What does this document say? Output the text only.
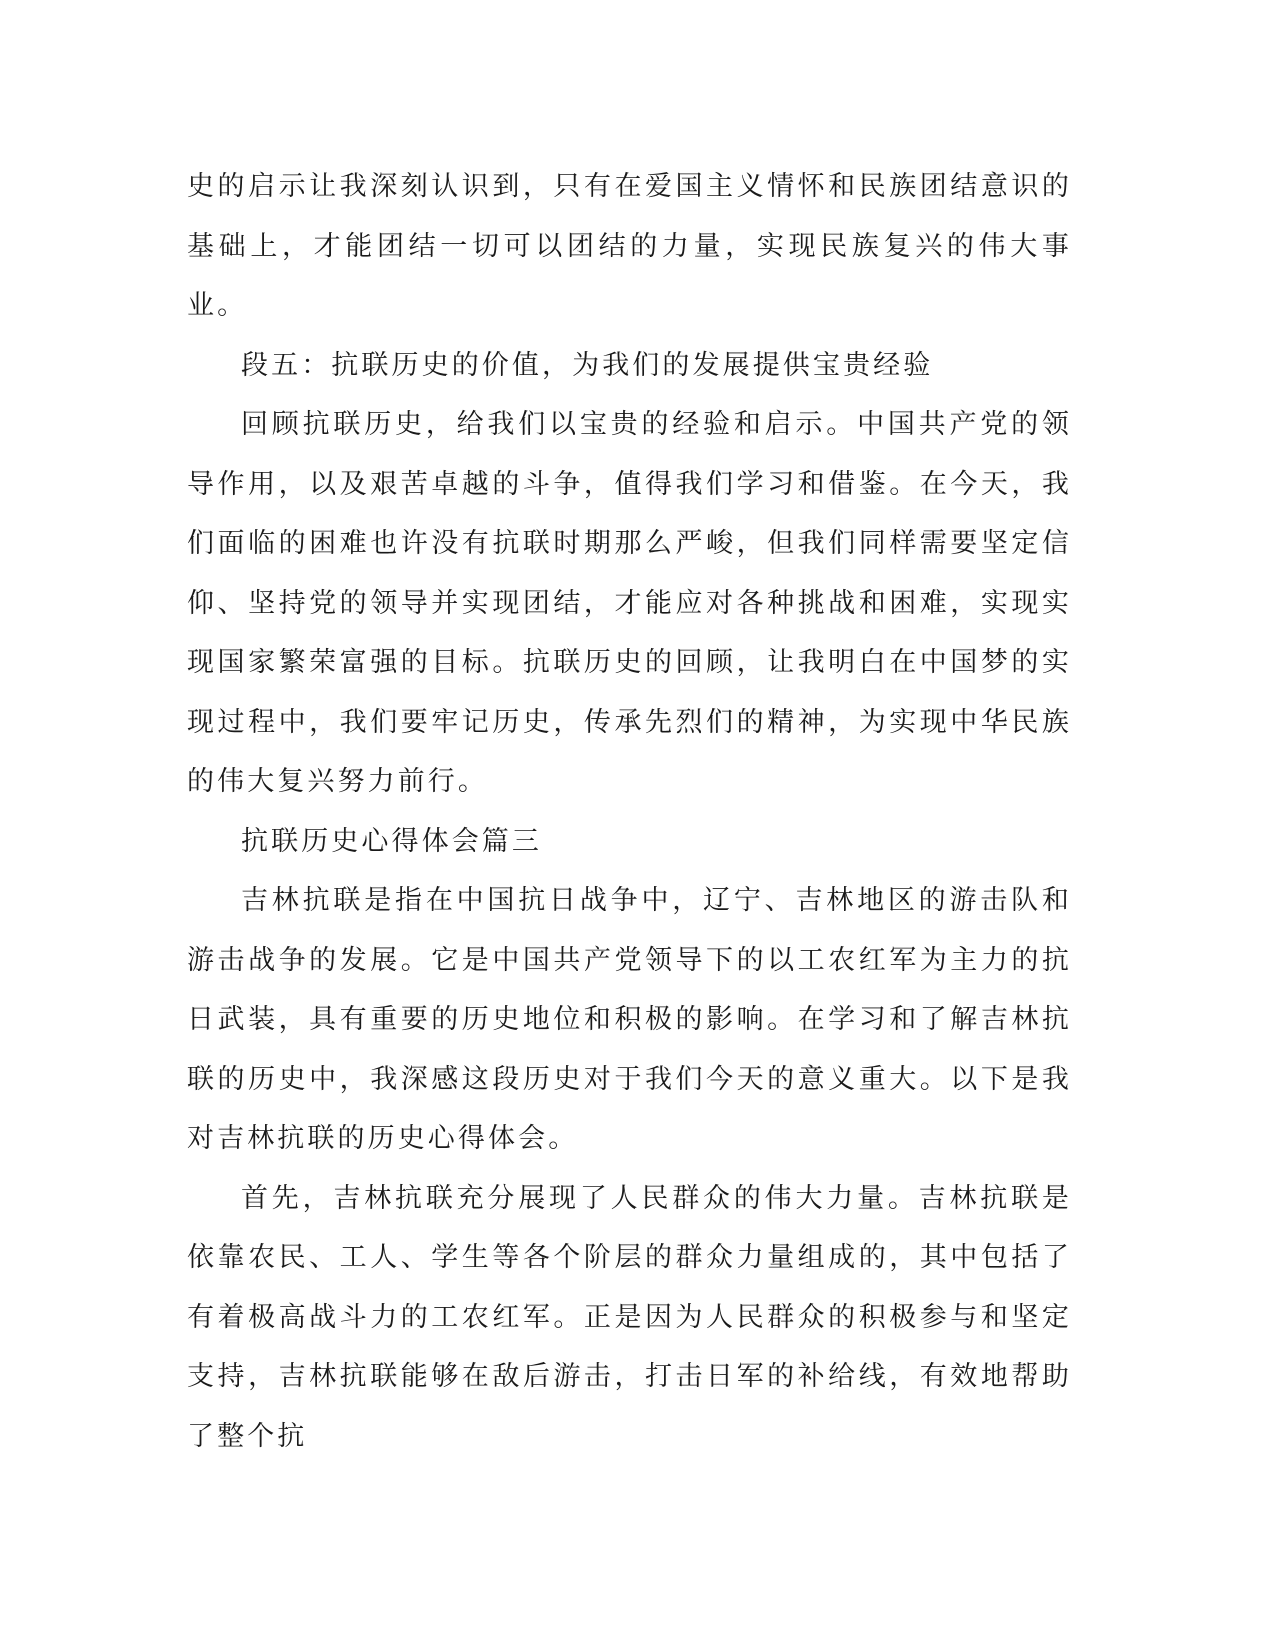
史的启示让我深刻认识到，只有在爱国主义情怀和民族团结意识的基础上，才能团结一切可以团结的力量，实现民族复兴的伟大事业。

段五：抗联历史的价值，为我们的发展提供宝贵经验

回顾抗联历史，给我们以宝贵的经验和启示。中国共产党的领导作用，以及艰苦卓越的斗争，值得我们学习和借鉴。在今天，我们面临的困难也许没有抗联时期那么严峻，但我们同样需要坚定信仰、坚持党的领导并实现团结，才能应对各种挑战和困难，实现实现国家繁荣富强的目标。抗联历史的回顾，让我明白在中国梦的实现过程中，我们要牢记历史，传承先烈们的精神，为实现中华民族的伟大复兴努力前行。

抗联历史心得体会篇三

吉林抗联是指在中国抗日战争中，辽宁、吉林地区的游击队和游击战争的发展。它是中国共产党领导下的以工农红军为主力的抗日武装，具有重要的历史地位和积极的影响。在学习和了解吉林抗联的历史中，我深感这段历史对于我们今天的意义重大。以下是我对吉林抗联的历史心得体会。

首先，吉林抗联充分展现了人民群众的伟大力量。吉林抗联是依靠农民、工人、学生等各个阶层的群众力量组成的，其中包括了有着极高战斗力的工农红军。正是因为人民群众的积极参与和坚定支持，吉林抗联能够在敌后游击，打击日军的补给线，有效地帮助了整个抗
